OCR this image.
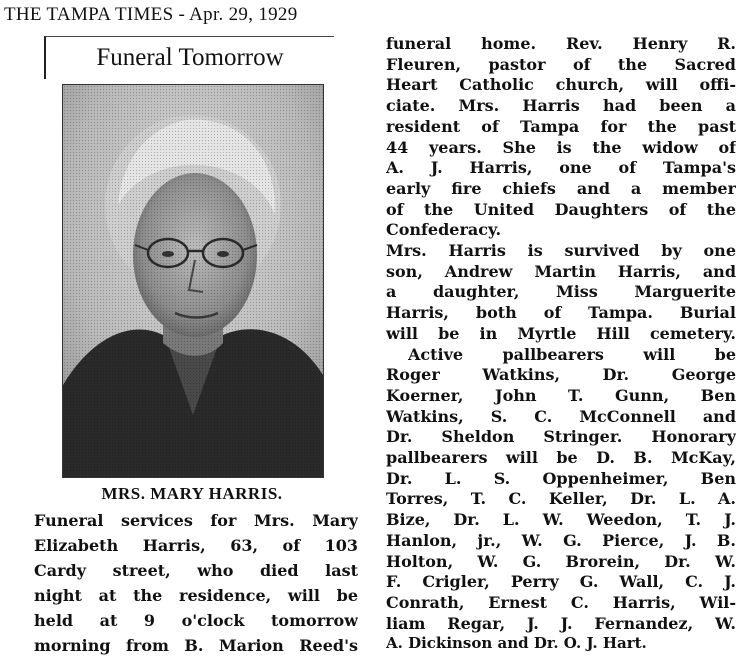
THE TAMPA TIMES - Apr. 29, 1929
Funeral Tomorrow
MRS. MARY HARRIS.
Funeral services for Mrs. Mary
Elizabeth Harris, 63, of 103
Cardy street, who died last
night at the residence, will be
held at 9 o'clock tomorrow
morning from B. Marion Reed's
funeral home. Rev. Henry R.
Fleuren, pastor of the Sacred
Heart Catholic church, will offi-
ciate. Mrs. Harris had been a
resident of Tampa for the past
44 years. She is the widow of
A. J. Harris, one of Tampa's
early fire chiefs and a member
of the United Daughters of the
Confederacy.
Mrs. Harris is survived by one
son, Andrew Martin Harris, and
a daughter, Miss Marguerite
Harris, both of Tampa. Burial
will be in Myrtle Hill cemetery.
Active pallbearers will be
Roger Watkins, Dr. George
Koerner, John T. Gunn, Ben
Watkins, S. C. McConnell and
Dr. Sheldon Stringer. Honorary
pallbearers will be D. B. McKay,
Dr. L. S. Oppenheimer, Ben
Torres, T. C. Keller, Dr. L. A.
Bize, Dr. L. W. Weedon, T. J.
Hanlon, jr., W. G. Pierce, J. B.
Holton, W. G. Brorein, Dr. W.
F. Crigler, Perry G. Wall, C. J.
Conrath, Ernest C. Harris, Wil-
liam Regar, J. J. Fernandez, W.
A. Dickinson and Dr. O. J. Hart.
